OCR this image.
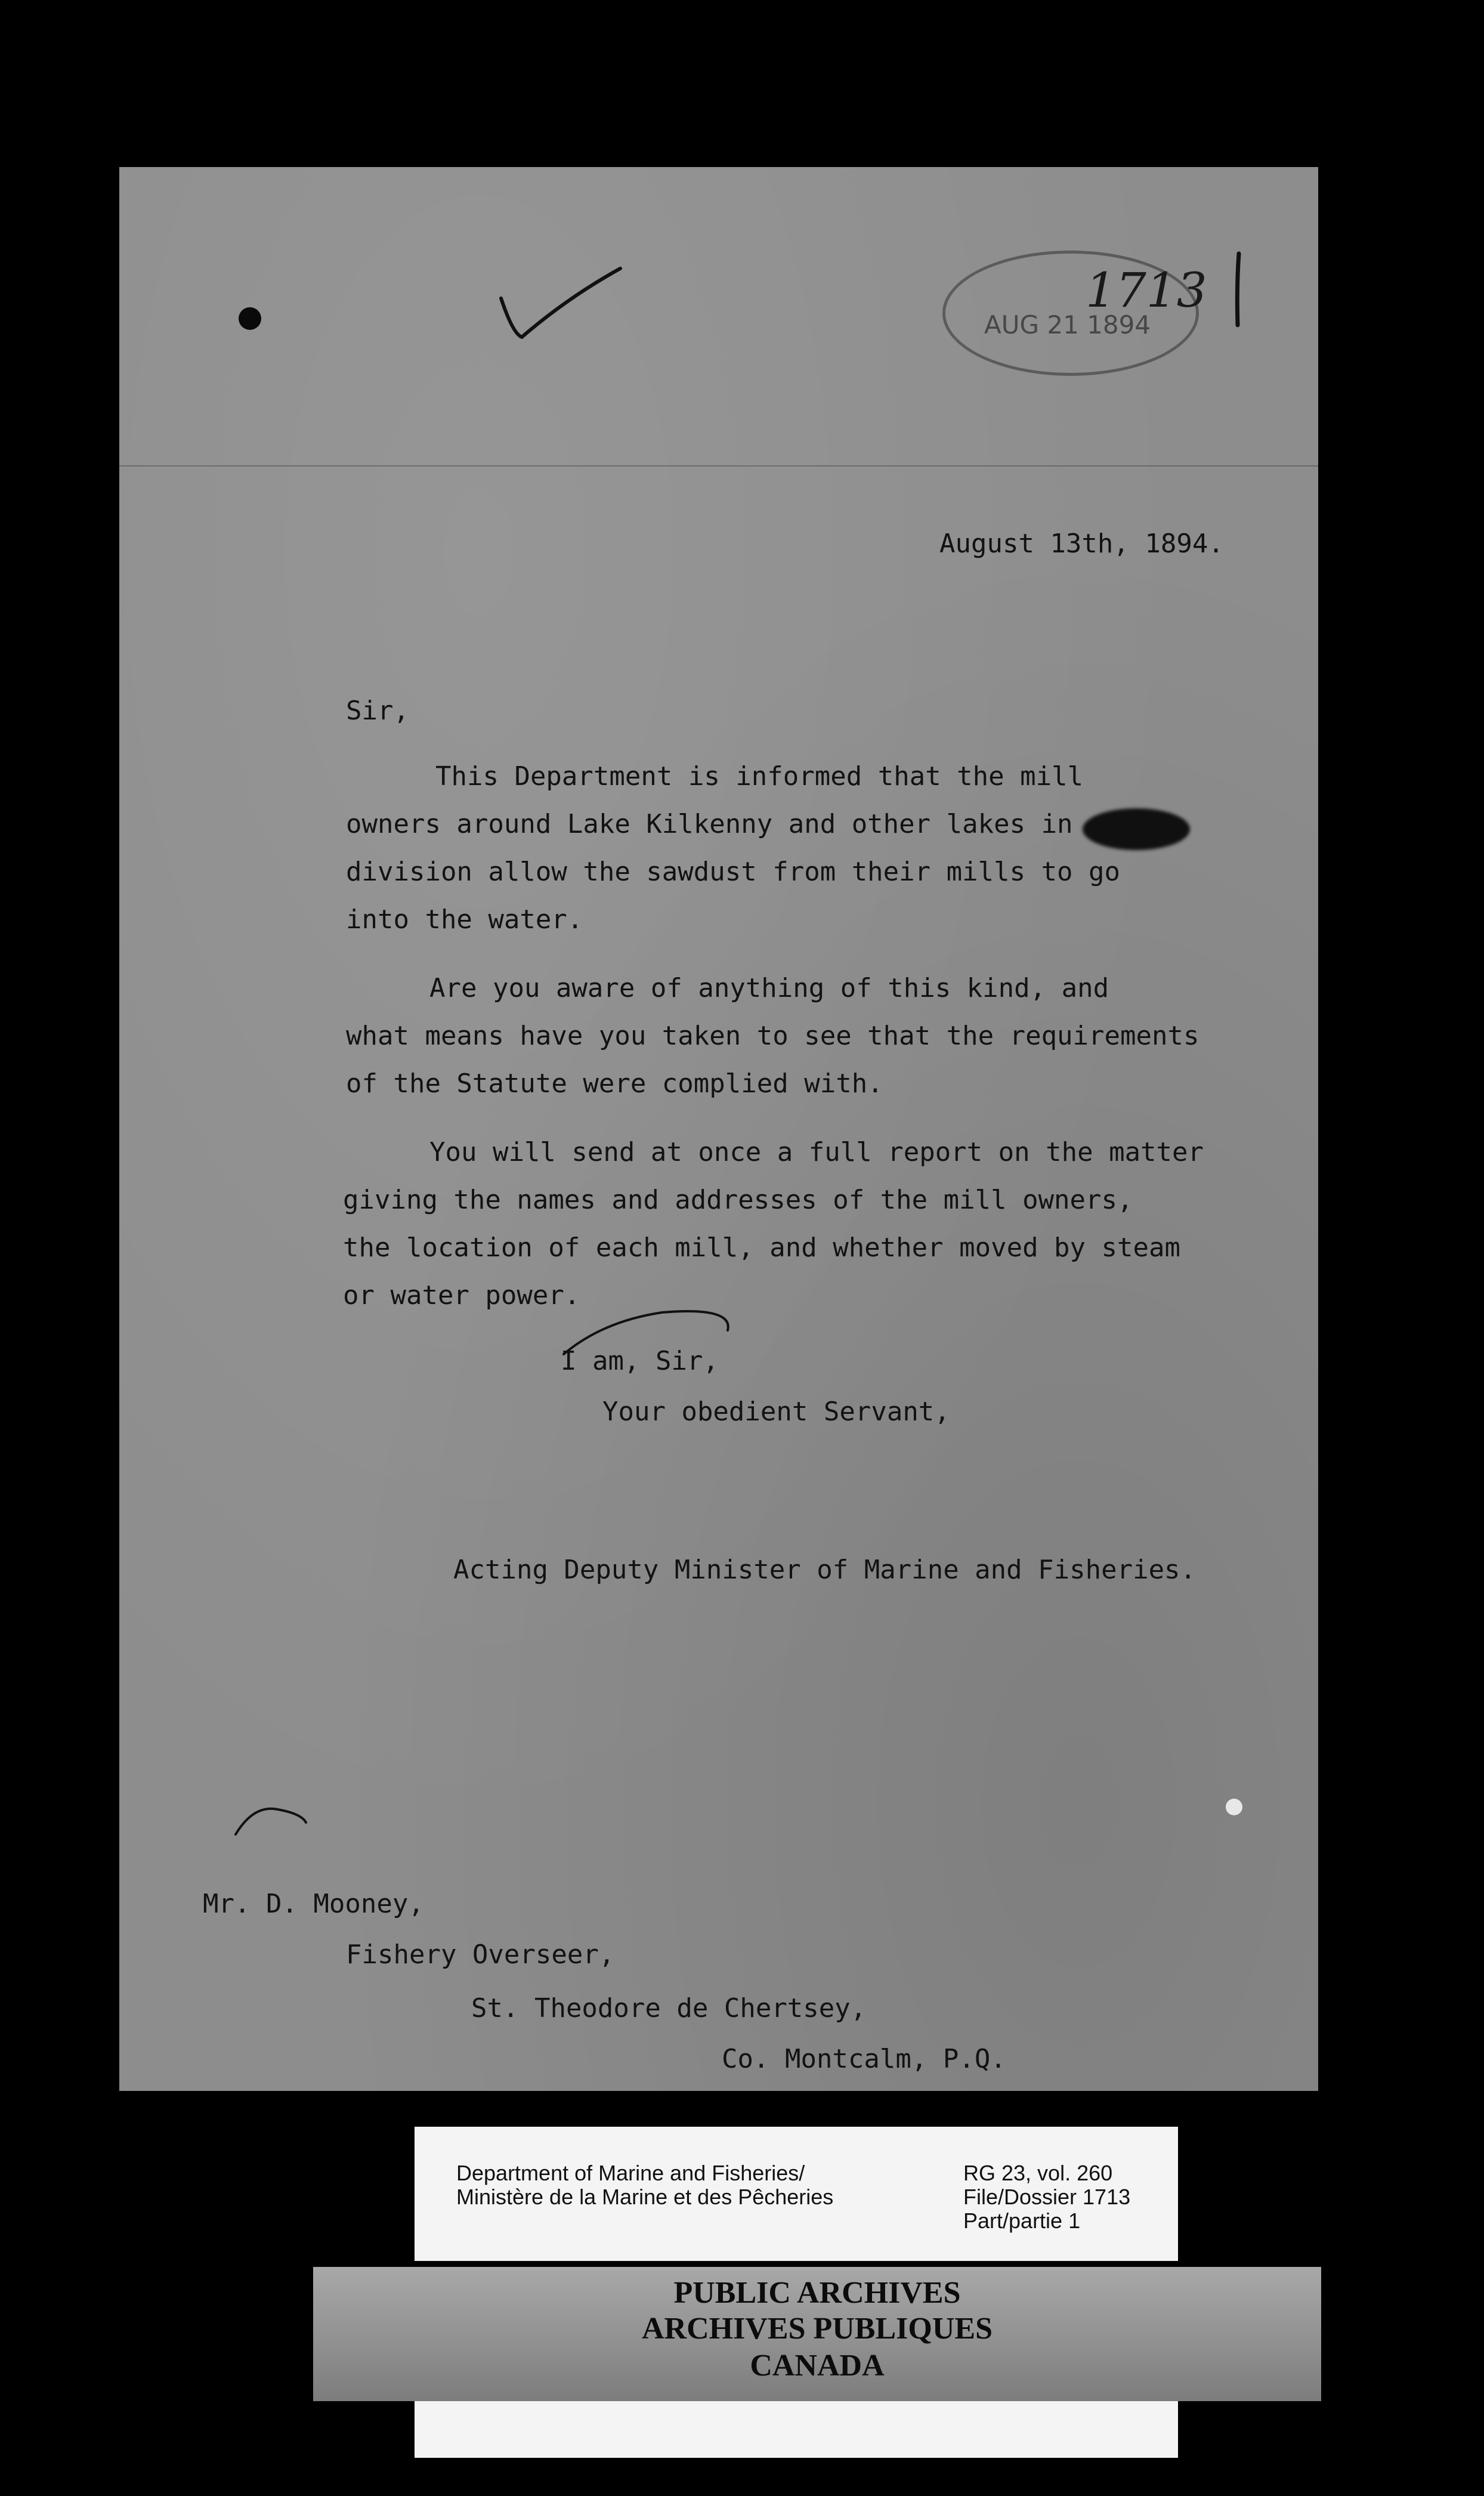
1713
AUG 21 1894
August 13th, 1894.
Sir,
This Department is informed that the mill
owners around Lake Kilkenny and other lakes in
division allow the sawdust from their mills to go
into the water.
Are you aware of anything of this kind, and
what means have you taken to see that the requirements
of the Statute were complied with.
You will send at once a full report on the matter
giving the names and addresses of the mill owners,
the location of each mill, and whether moved by steam
or water power.
I am, Sir,
Your obedient Servant,
Acting Deputy Minister of Marine and Fisheries.
Mr. D. Mooney,
Fishery Overseer,
St. Theodore de Chertsey,
Co. Montcalm, P.Q.
Department of Marine and Fisheries/
Ministère de la Marine et des Pêcheries
RG 23, vol. 260
File/Dossier 1713
Part/partie 1
PUBLIC ARCHIVES
ARCHIVES PUBLIQUES
CANADA
